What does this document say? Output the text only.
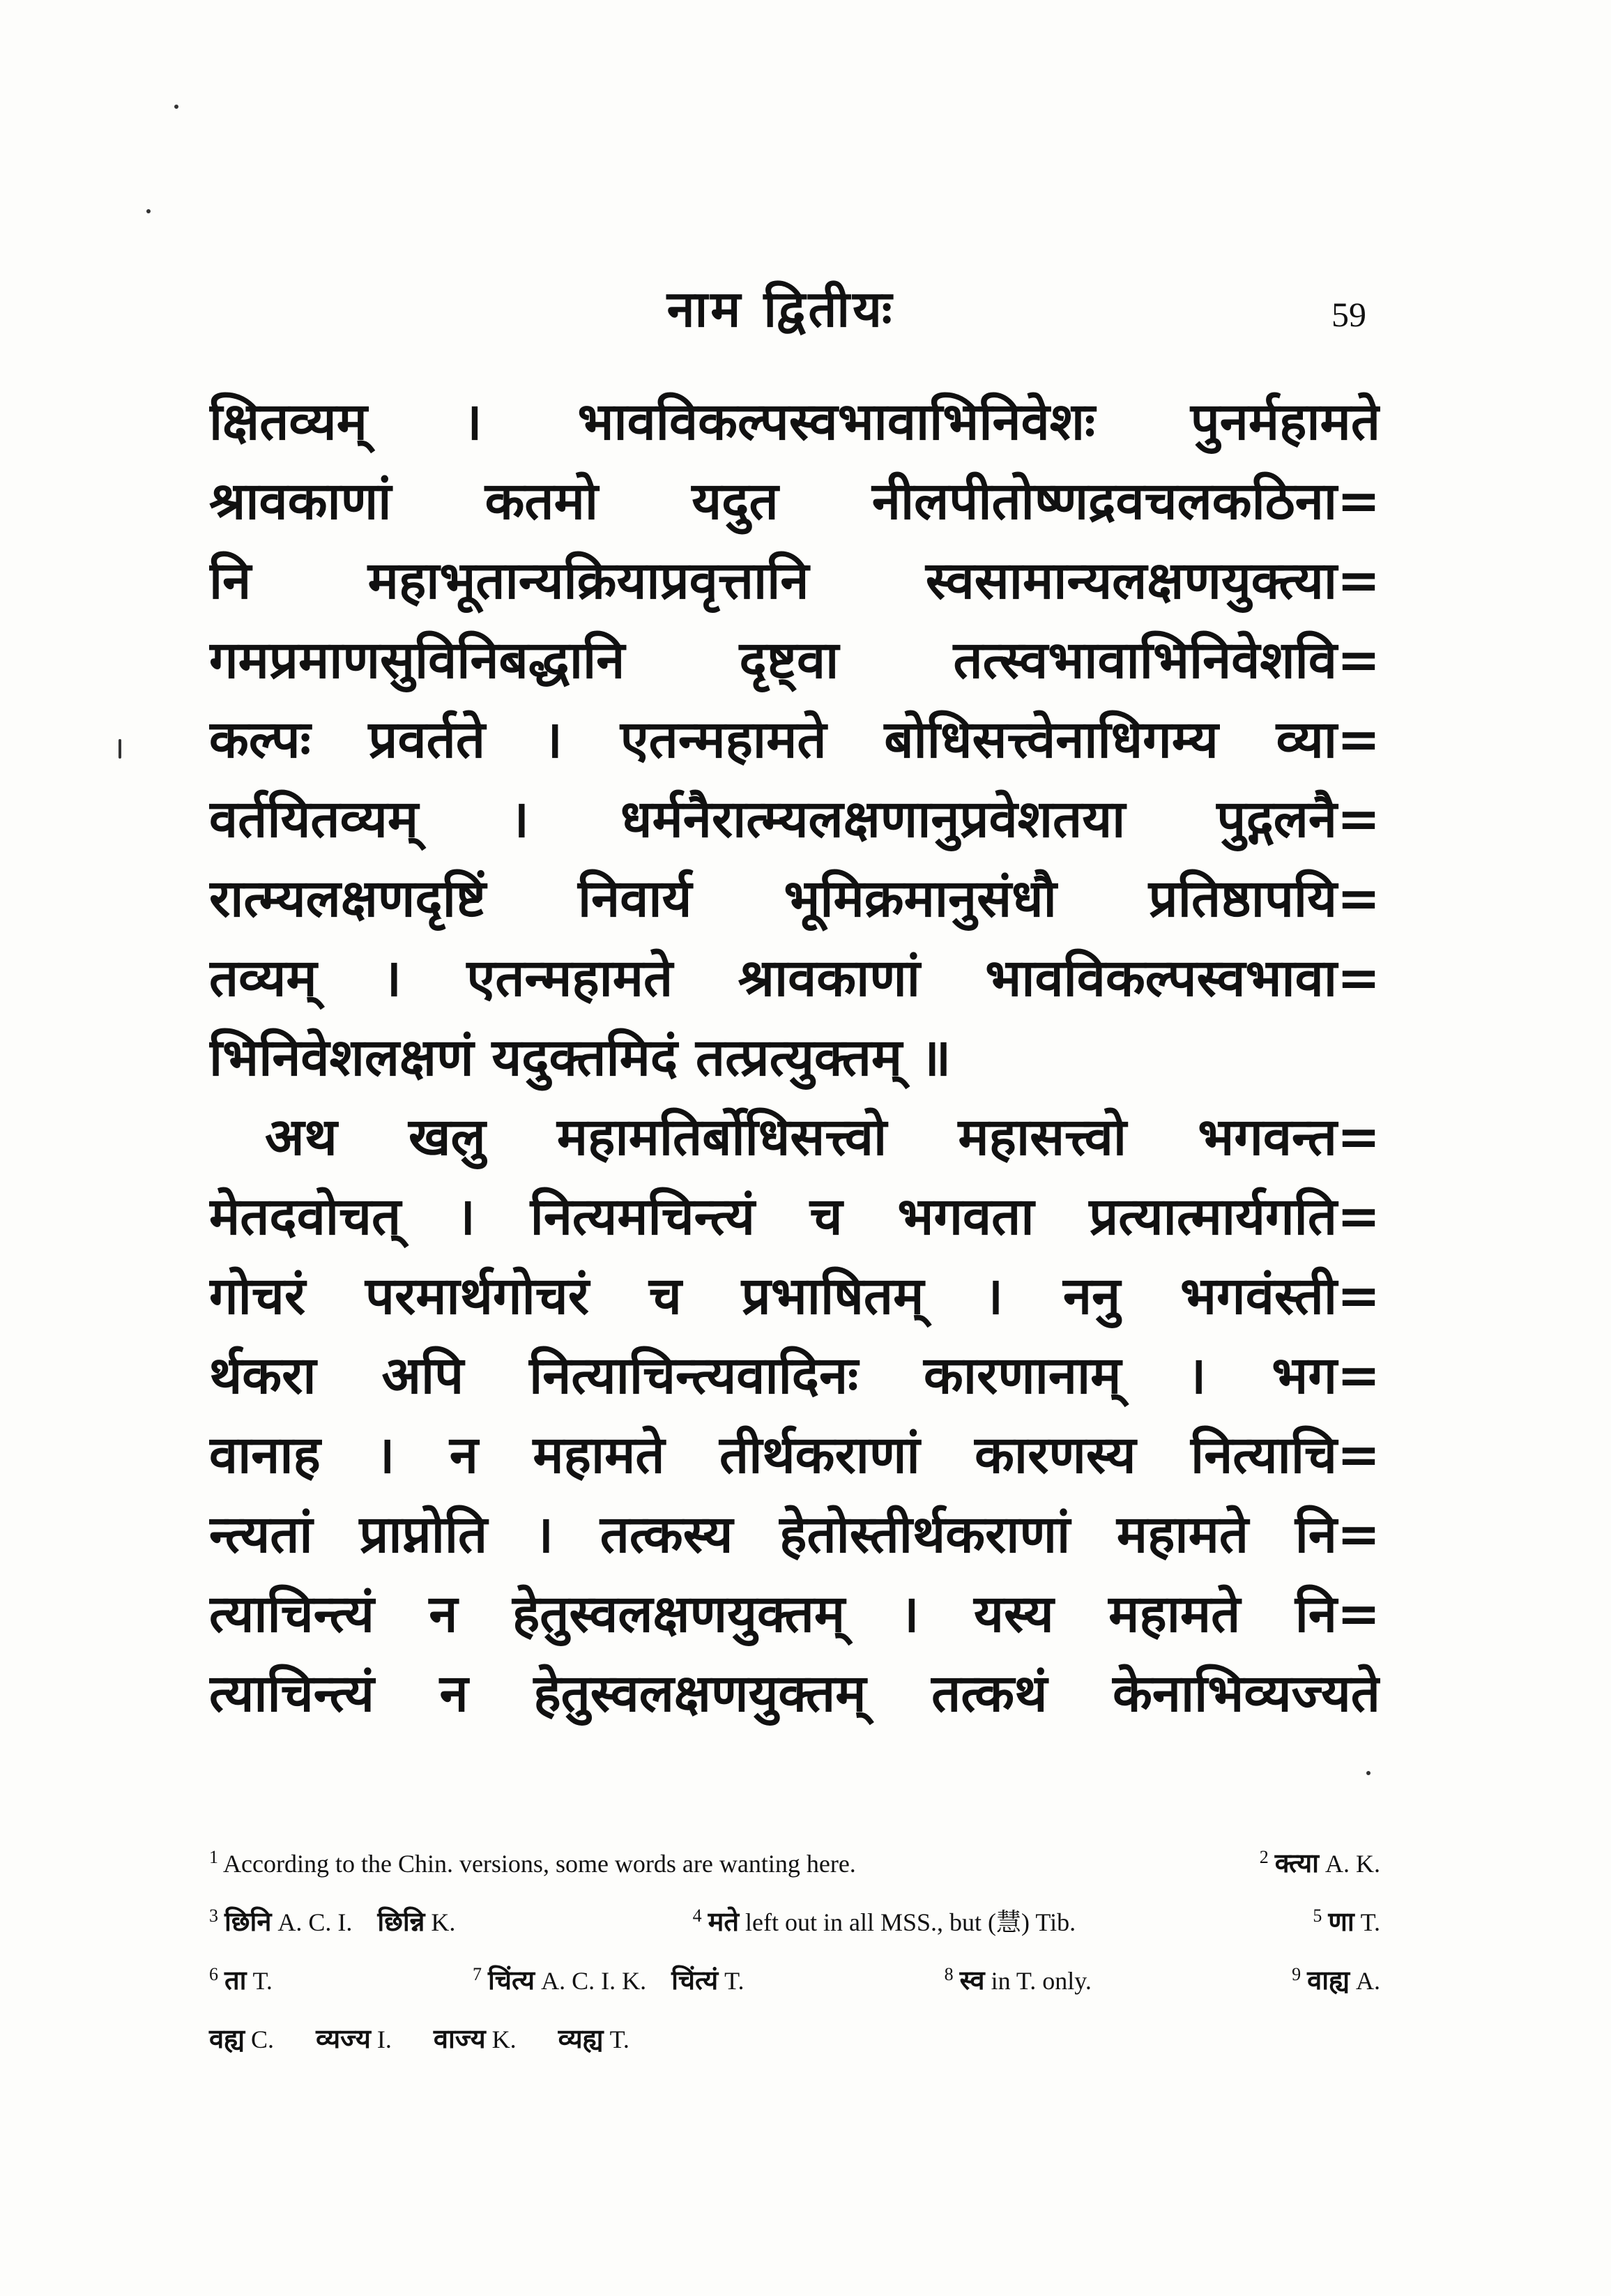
नाम द्वितीयः	59
क्षितव्यम् । भावविकल्पस्वभावाभिनिवेशः पुनर्महामते
श्रावकाणां कतमो यदुत नीलपीतोष्णद्रवचलकठिना=
नि महाभूतान्यक्रियाप्रवृत्तानि स्वसामान्यलक्षणयुक्त्या=
गमप्रमाणसुविनिबद्धानि दृष्ट्वा तत्स्वभावाभिनिवेशवि=
कल्पः प्रवर्तते । एतन्महामते बोधिसत्त्वेनाधिगम्य व्या=
वर्तयितव्यम् । धर्मनैरात्म्यलक्षणानुप्रवेशतया पुद्गलनै=
रात्म्यलक्षणदृष्टिं निवार्य भूमिक्रमानुसंधौ प्रतिष्ठापयि=
तव्यम् । एतन्महामते श्रावकाणां भावविकल्पस्वभावा=
भिनिवेशलक्षणं यदुक्तमिदं तत्प्रत्युक्तम् ॥
अथ खलु महामतिर्बोधिसत्त्वो महासत्त्वो भगवन्त=
मेतदवोचत् । नित्यमचिन्त्यं च भगवता प्रत्यात्मार्यगति=
गोचरं परमार्थगोचरं च प्रभाषितम् । ननु भगवंस्ती=
र्थकरा अपि नित्याचिन्त्यवादिनः कारणानाम् । भग=
वानाह । न महामते तीर्थकराणां कारणस्य नित्याचि=
न्त्यतां प्राप्नोति । तत्कस्य हेतोस्तीर्थकराणां महामते नि=
त्याचिन्त्यं न हेतुस्वलक्षणयुक्तम् । यस्य महामते नि=
त्याचिन्त्यं न हेतुस्वलक्षणयुक्तम् तत्कथं केनाभिव्यज्यते
$^1$ According to the Chin. versions, some words are wanting here.	$^2$ क्त्या A. K.
$^3$ छिनि A. C. I. छिन्नि K.	$^4$ मते left out in all MSS., but (慧) Tib.	$^5$ णा T.
$^6$ ता T.	$^7$ चिंत्य A. C. I. K. चिंत्यं T.	$^8$ स्व in T. only.	$^9$ वाह्य A.
वह्य C. व्यज्य I. वाज्य K. व्यह्य T.
